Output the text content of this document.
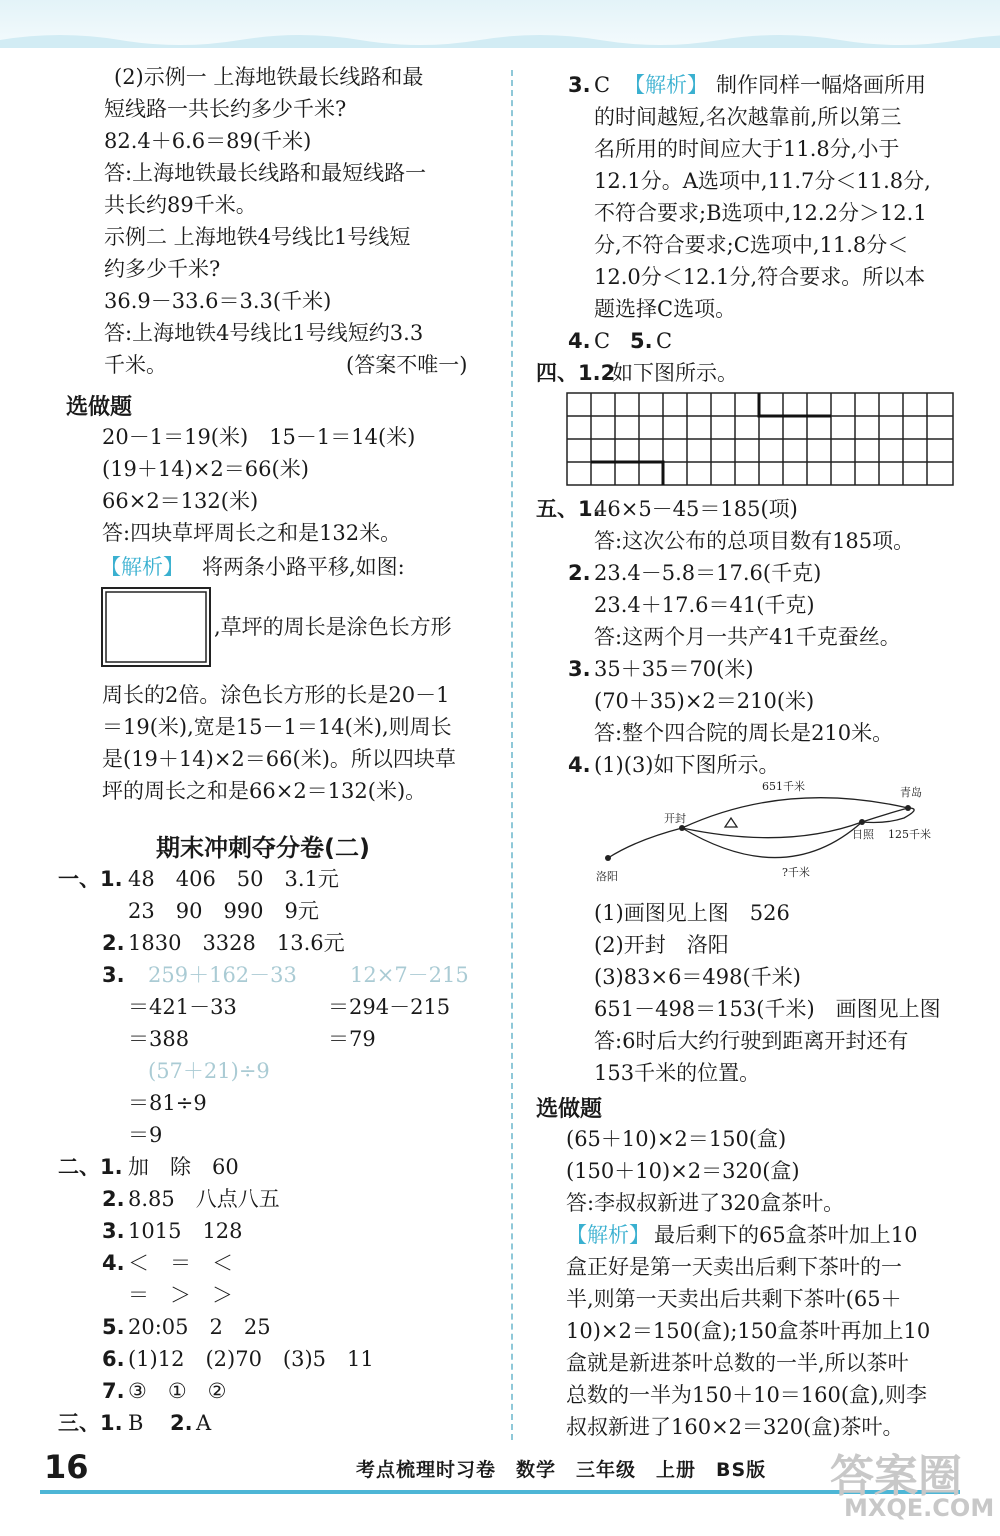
(2)示例一 上海地铁最长线路和最
短线路一共长约多少千米?
82.4＋6.6＝89(千米)
答:上海地铁最长线路和最短线路一
共长约89千米。
示例二 上海地铁4号线比1号线短
约多少千米?
36.9－33.6＝3.3(千米)
答:上海地铁4号线比1号线短约3.3
千米。	(答案不唯一)
选做题
20－1＝19(米)　15－1＝14(米)
(19＋14)×2＝66(米)
66×2＝132(米)
答:四块草坪周长之和是132米。
【解析】 将两条小路平移,如图:
,草坪的周长是涂色长方形
周长的2倍。涂色长方形的长是20－1
＝19(米),宽是15－1＝14(米),则周长
是(19＋14)×2＝66(米)。所以四块草
坪的周长之和是66×2＝132(米)。
期末冲刺夺分卷(二)
一、1. 48　406　50　3.1元
23　90　990　9元
2. 1830　3328　13.6元
3. 259＋162－33	12×7－215
＝421－33	＝294－215
＝388	＝79
(57＋21)÷9
＝81÷9
＝9
二、1. 加　除　60
2. 8.85　八点八五
3. 1015　128
4. ＜　＝　＜
＝　＞　＞
5. 20:05　2　25
6. (1)12　(2)70　(3)5　11
7. ③　①　②
三、1. B 2. A
3. C 【解析】 制作同样一幅烙画所用
的时间越短,名次越靠前,所以第三
名所用的时间应大于11.8分,小于
12.1分。A选项中,11.7分＜11.8分,
不符合要求;B选项中,12.2分＞12.1
分,不符合要求;C选项中,11.8分＜
12.0分＜12.1分,符合要求。所以本
题选择C选项。
4. C 5. C
四、1.2
如下图所示。
五、1.
46×5－45＝185(项)
答:这次公布的总项目数有185项。
2. 23.4－5.8＝17.6(千克)
23.4＋17.6＝41(千克)
答:这两个月一共产41千克蚕丝。
3. 35＋35＝70(米)
(70＋35)×2＝210(米)
答:整个四合院的周长是210米。
4. (1)(3)如下图所示。
651千米	青岛
开封
日照 125千米
洛阳	?千米
(1)画图见上图　526
(2)开封　洛阳
(3)83×6＝498(千米)
651－498＝153(千米)　画图见上图
答:6时后大约行驶到距离开封还有
153千米的位置。
选做题
(65＋10)×2＝150(盒)
(150＋10)×2＝320(盒)
答:李叔叔新进了320盒茶叶。
【解析】 最后剩下的65盒茶叶加上10
盒正好是第一天卖出后剩下茶叶的一
半,则第一天卖出后共剩下茶叶(65＋
10)×2＝150(盒);150盒茶叶再加上10
盒就是新进茶叶总数的一半,所以茶叶
总数的一半为150＋10＝160(盒),则李
叔叔新进了160×2＝320(盒)茶叶。
16	考点梳理时习卷　数学　三年级　上册　BS版 答案圈
MXQE.COM
